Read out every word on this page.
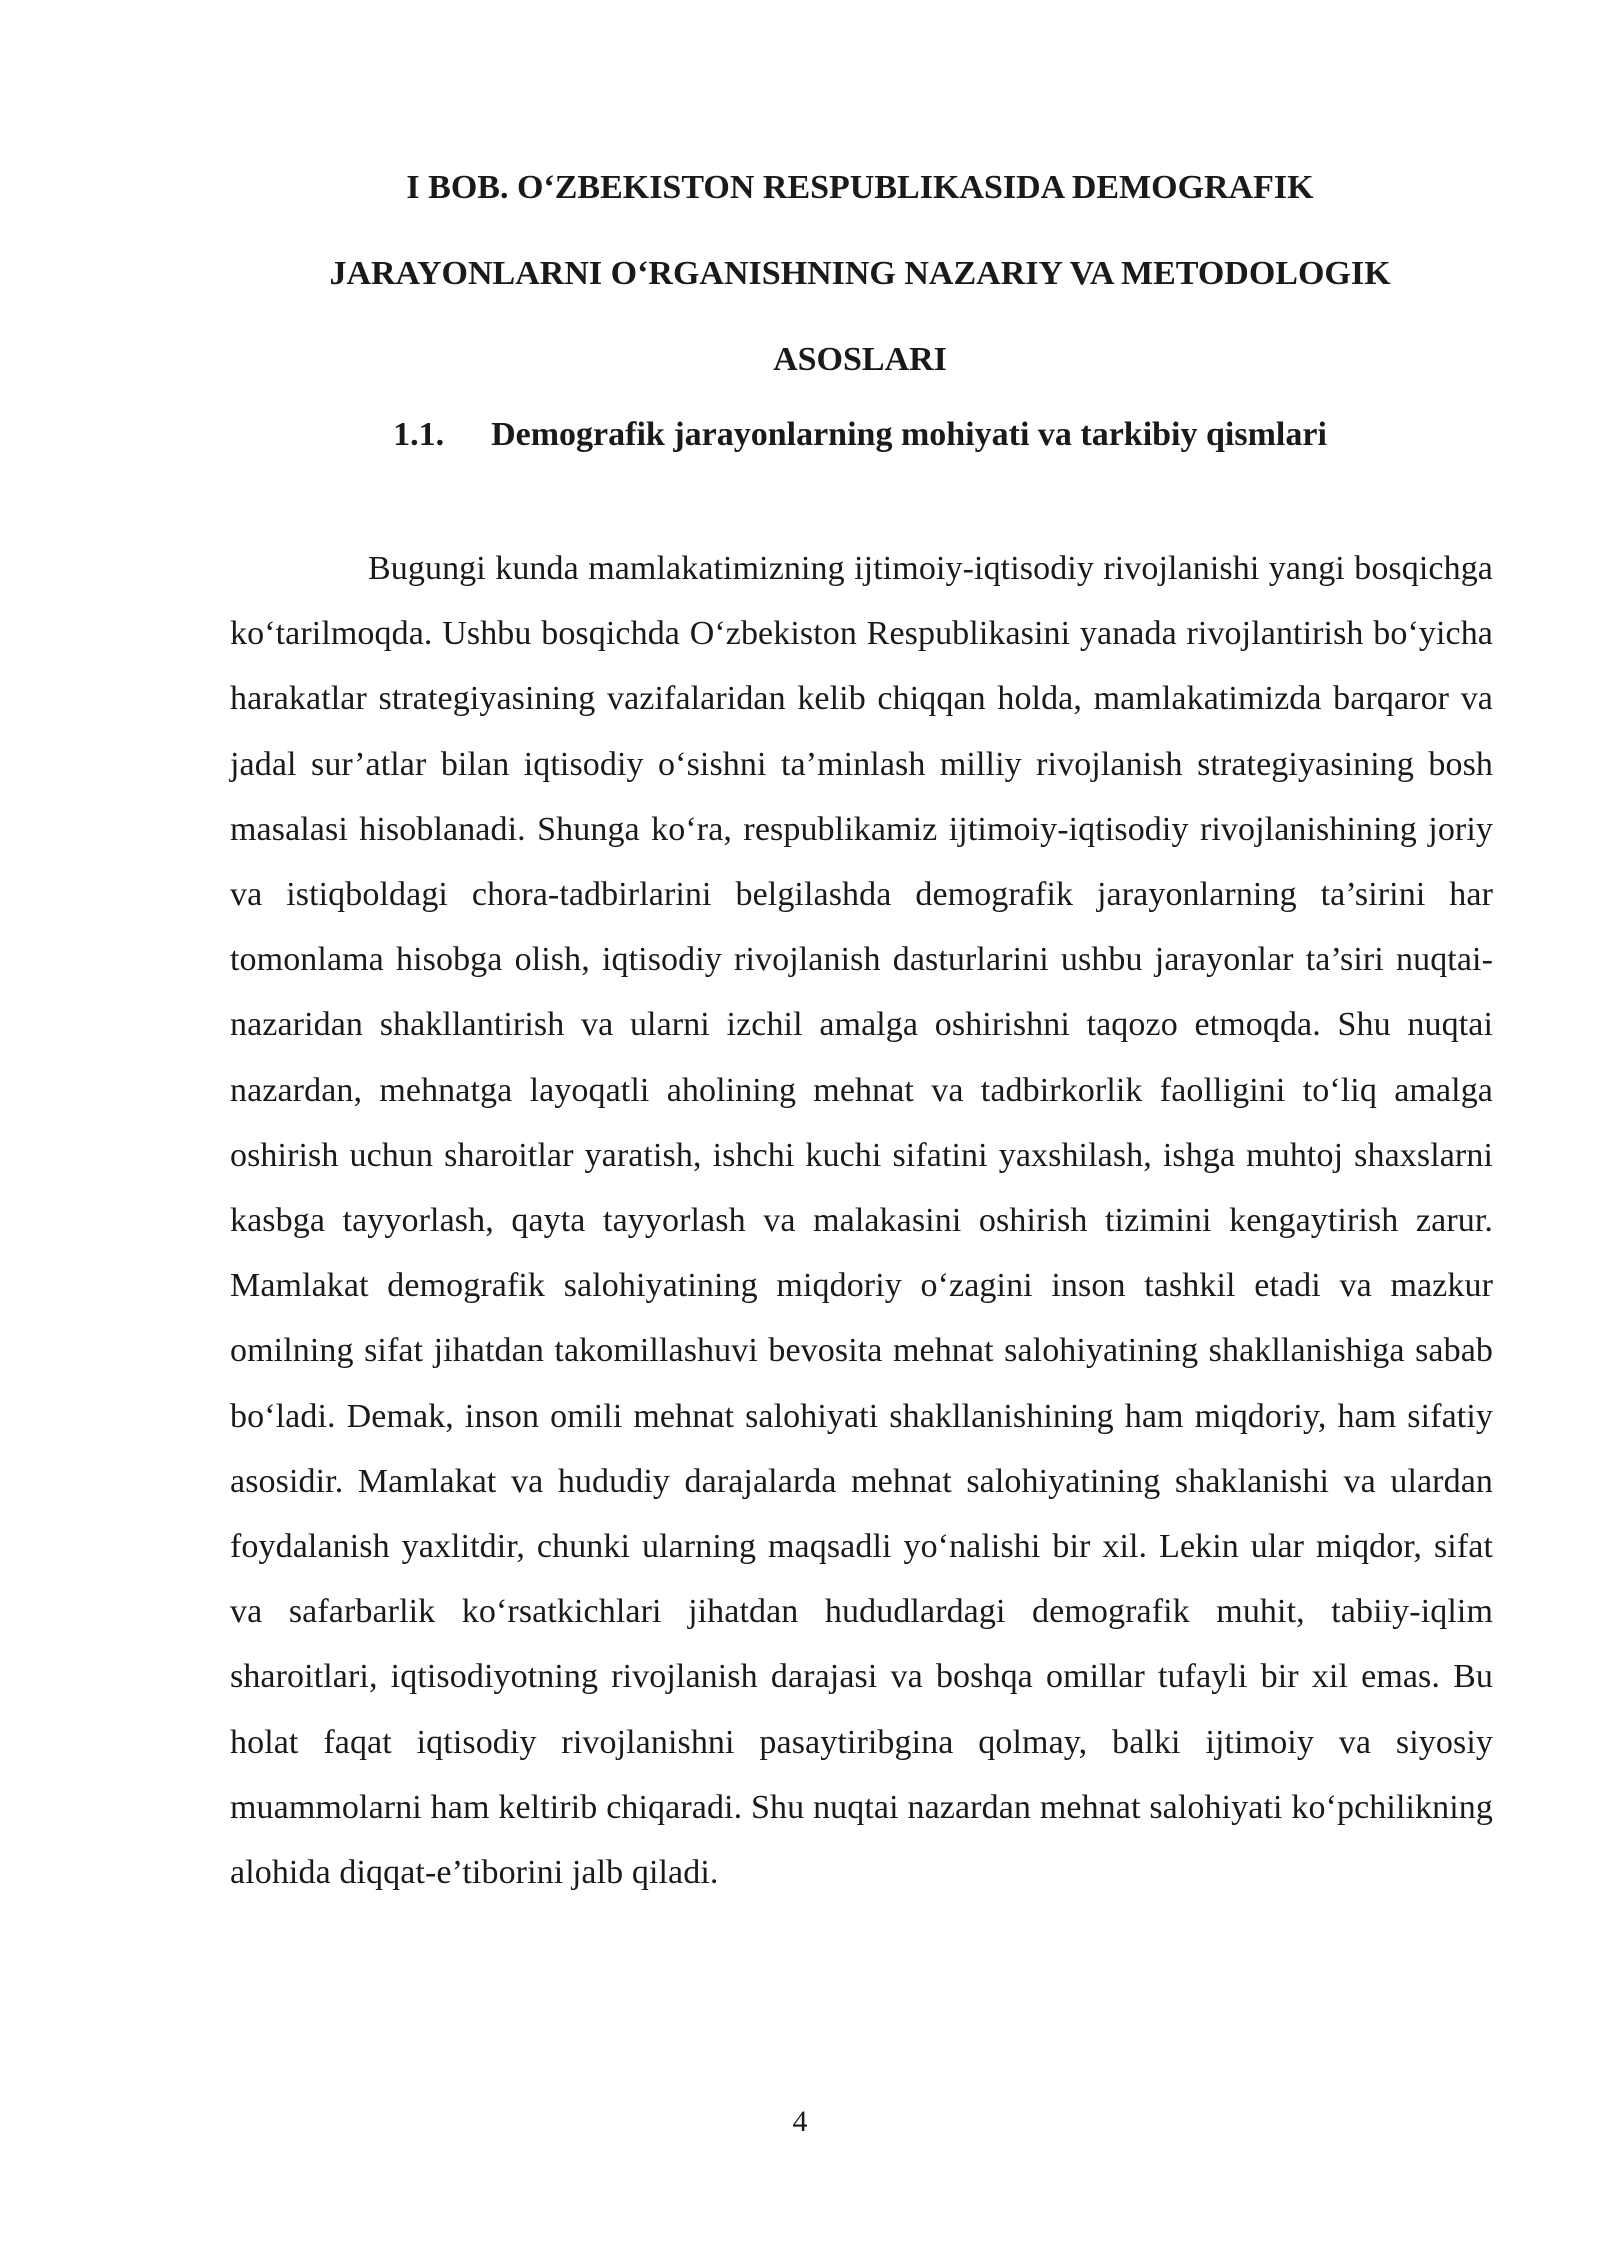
I BOB. O‘ZBEKISTON RESPUBLIKASIDA DEMOGRAFIK
JARAYONLARNI O‘RGANISHNING NAZARIY VA METODOLOGIK
ASOSLARI
1.1. Demografik jarayonlarning mohiyati va tarkibiy qismlari

Bugungi kunda mamlakatimizning ijtimoiy-iqtisodiy rivojlanishi yangi bosqichga ko‘tarilmoqda. Ushbu bosqichda O‘zbekiston Respublikasini yanada rivojlantirish bo‘yicha harakatlar strategiyasining vazifalaridan kelib chiqqan holda, mamlakatimizda barqaror va jadal sur’atlar bilan iqtisodiy o‘sishni ta’minlash milliy rivojlanish strategiyasining bosh masalasi hisoblanadi. Shunga ko‘ra, respublikamiz ijtimoiy-iqtisodiy rivojlanishining joriy va istiqboldagi chora-tadbirlarini belgilashda demografik jarayonlarning ta’sirini har tomonlama hisobga olish, iqtisodiy rivojlanish dasturlarini ushbu jarayonlar ta’siri nuqtai-nazaridan shakllantirish va ularni izchil amalga oshirishni taqozo etmoqda. Shu nuqtai nazardan, mehnatga layoqatli aholining mehnat va tadbirkorlik faolligini to‘liq amalga oshirish uchun sharoitlar yaratish, ishchi kuchi sifatini yaxshilash, ishga muhtoj shaxslarni kasbga tayyorlash, qayta tayyorlash va malakasini oshirish tizimini kengaytirish zarur. Mamlakat demografik salohiyatining miqdoriy o‘zagini inson tashkil etadi va mazkur omilning sifat jihatdan takomillashuvi bevosita mehnat salohiyatining shakllanishiga sabab bo‘ladi. Demak, inson omili mehnat salohiyati shakllanishining ham miqdoriy, ham sifatiy asosidir. Mamlakat va hududiy darajalarda mehnat salohiyatining shaklanishi va ulardan foydalanish yaxlitdir, chunki ularning maqsadli yo‘nalishi bir xil. Lekin ular miqdor, sifat va safarbarlik ko‘rsatkichlari jihatdan hududlardagi demografik muhit, tabiiy-iqlim sharoitlari, iqtisodiyotning rivojlanish darajasi va boshqa omillar tufayli bir xil emas. Bu holat faqat iqtisodiy rivojlanishni pasaytiribgina qolmay, balki ijtimoiy va siyosiy muammolarni ham keltirib chiqaradi. Shu nuqtai nazardan mehnat salohiyati ko‘pchilikning alohida diqqat-e’tiborini jalb qiladi.

4
